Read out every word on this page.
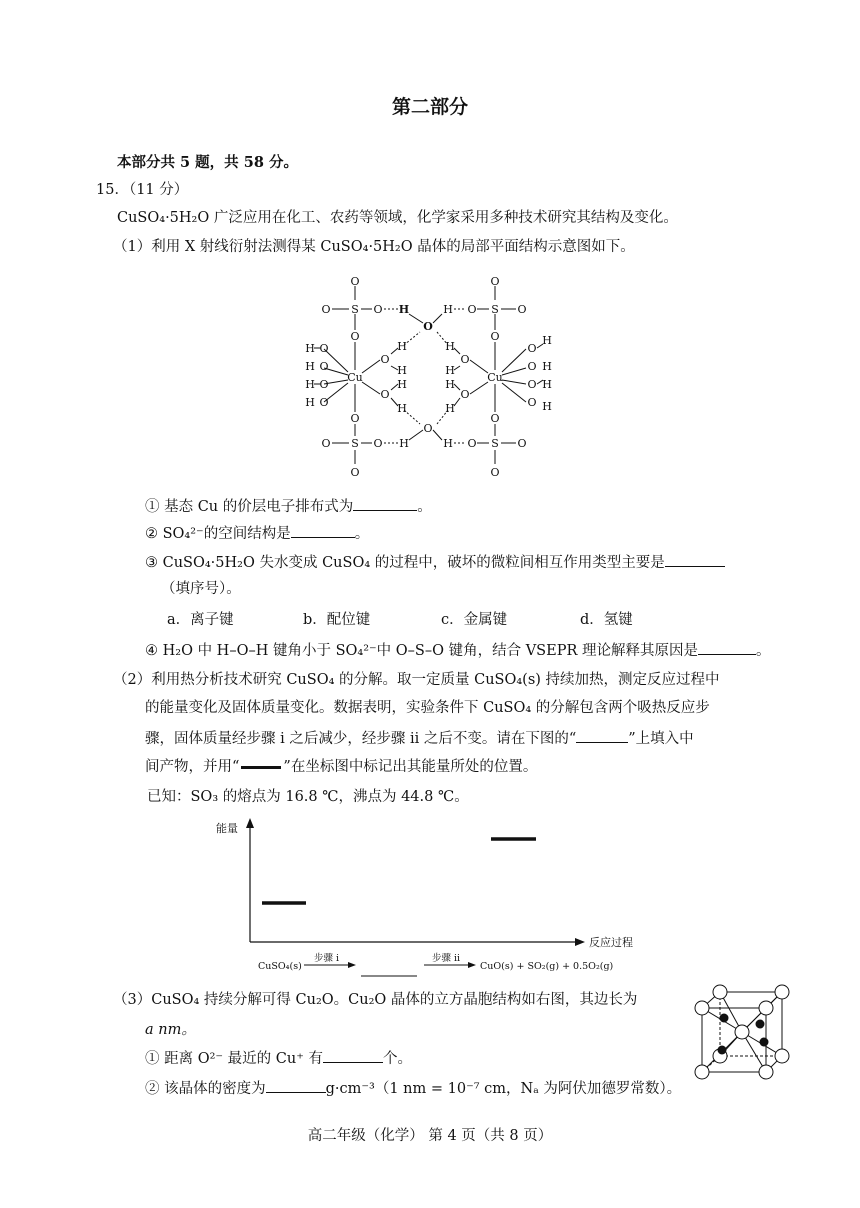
第二部分
本部分共 5 题，共 58 分。
15．（11 分）
CuSO₄·5H₂O 广泛应用在化工、农药等领域，化学家采用多种技术研究其结构及变化。
（1）利用 X 射线衍射法测得某 CuSO₄·5H₂O 晶体的局部平面结构示意图如下。
O
O S O
O
H
O
H O S O
O
O
H O
H O
H O
H O
Cu
O
O
H
H
H
H
O
H
H
H
H
O
O
Cu
O
O
O
O
H
H
H
H
O
O
O S O H
O
H O S O
O
① 基态 Cu 的价层电子排布式为	。
② SO₄²⁻的空间结构是	。
③ CuSO₄·5H₂O 失水变成 CuSO₄ 的过程中，破坏的微粒间相互作用类型主要是
（填序号）。
a．离子键	b．配位键	c．金属键	d．氢键
④ H₂O 中 H–O–H 键角小于 SO₄²⁻中 O–S–O 键角，结合 VSEPR 理论解释其原因是	。
（2）利用热分析技术研究 CuSO₄ 的分解。取一定质量 CuSO₄(s) 持续加热，测定反应过程中
的能量变化及固体质量变化。数据表明，实验条件下 CuSO₄ 的分解包含两个吸热反应步
骤，固体质量经步骤 i 之后减少，经步骤 ii 之后不变。请在下图的“	”上填入中
间产物，并用“	”在坐标图中标记出其能量所处的位置。
已知：SO₃ 的熔点为 16.8 ℃，沸点为 44.8 ℃。
能量
反应过程
CuSO₄(s)
步骤 i	步骤 ii
CuO(s) + SO₂(g) + 0.5O₂(g)
（3）CuSO₄ 持续分解可得 Cu₂O。Cu₂O 晶体的立方晶胞结构如右图，其边长为
a nm。
① 距离 O²⁻ 最近的 Cu⁺ 有	个。
② 该晶体的密度为	g·cm⁻³（1 nm = 10⁻⁷ cm，Nₐ 为阿伏加德罗常数）。
高二年级（化学） 第 4 页（共 8 页）
